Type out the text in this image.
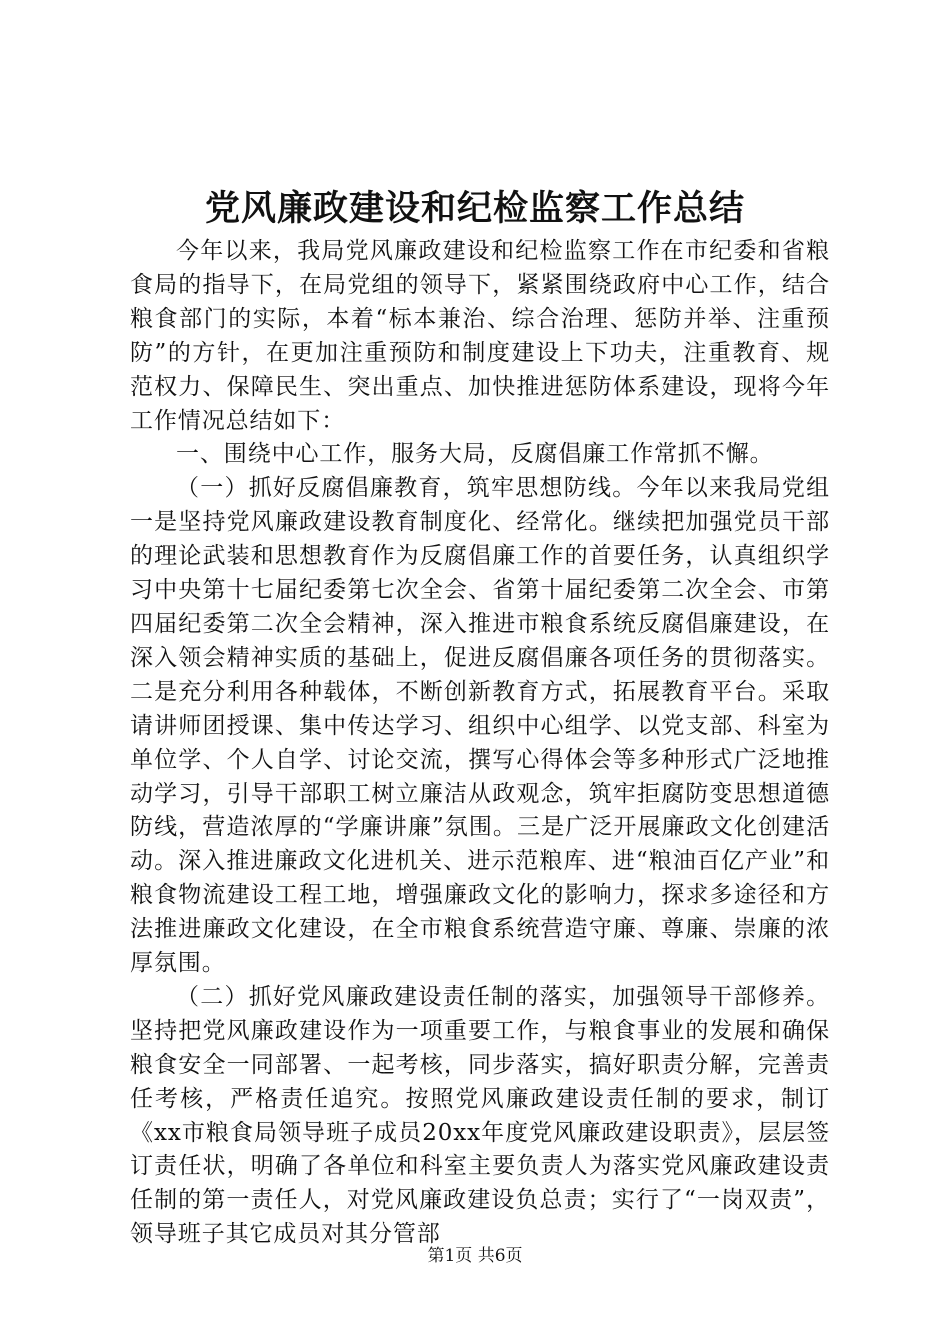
党风廉政建设和纪检监察工作总结

今年以来，我局党风廉政建设和纪检监察工作在市纪委和省粮食局的指导下，在局党组的领导下，紧紧围绕政府中心工作，结合粮食部门的实际，本着“标本兼治、综合治理、惩防并举、注重预防”的方针，在更加注重预防和制度建设上下功夫，注重教育、规范权力、保障民生、突出重点、加快推进惩防体系建设，现将今年工作情况总结如下：

一、围绕中心工作，服务大局，反腐倡廉工作常抓不懈。

（一）抓好反腐倡廉教育，筑牢思想防线。今年以来我局党组一是坚持党风廉政建设教育制度化、经常化。继续把加强党员干部的理论武装和思想教育作为反腐倡廉工作的首要任务，认真组织学习中央第十七届纪委第七次全会、省第十届纪委第二次全会、市第四届纪委第二次全会精神，深入推进市粮食系统反腐倡廉建设，在深入领会精神实质的基础上，促进反腐倡廉各项任务的贯彻落实。二是充分利用各种载体，不断创新教育方式，拓展教育平台。采取请讲师团授课、集中传达学习、组织中心组学、以党支部、科室为单位学、个人自学、讨论交流，撰写心得体会等多种形式广泛地推动学习，引导干部职工树立廉洁从政观念，筑牢拒腐防变思想道德防线，营造浓厚的“学廉讲廉”氛围。三是广泛开展廉政文化创建活动。深入推进廉政文化进机关、进示范粮库、进“粮油百亿产业”和粮食物流建设工程工地，增强廉政文化的影响力，探求多途径和方法推进廉政文化建设，在全市粮食系统营造守廉、尊廉、崇廉的浓厚氛围。

（二）抓好党风廉政建设责任制的落实，加强领导干部修养。坚持把党风廉政建设作为一项重要工作，与粮食事业的发展和确保粮食安全一同部署、一起考核，同步落实，搞好职责分解，完善责任考核，严格责任追究。按照党风廉政建设责任制的要求，制订《xx市粮食局领导班子成员20xx年度党风廉政建设职责》，层层签订责任状，明确了各单位和科室主要负责人为落实党风廉政建设责任制的第一责任人，对党风廉政建设负总责；实行了“一岗双责”，领导班子其它成员对其分管部

第1页 共6页
